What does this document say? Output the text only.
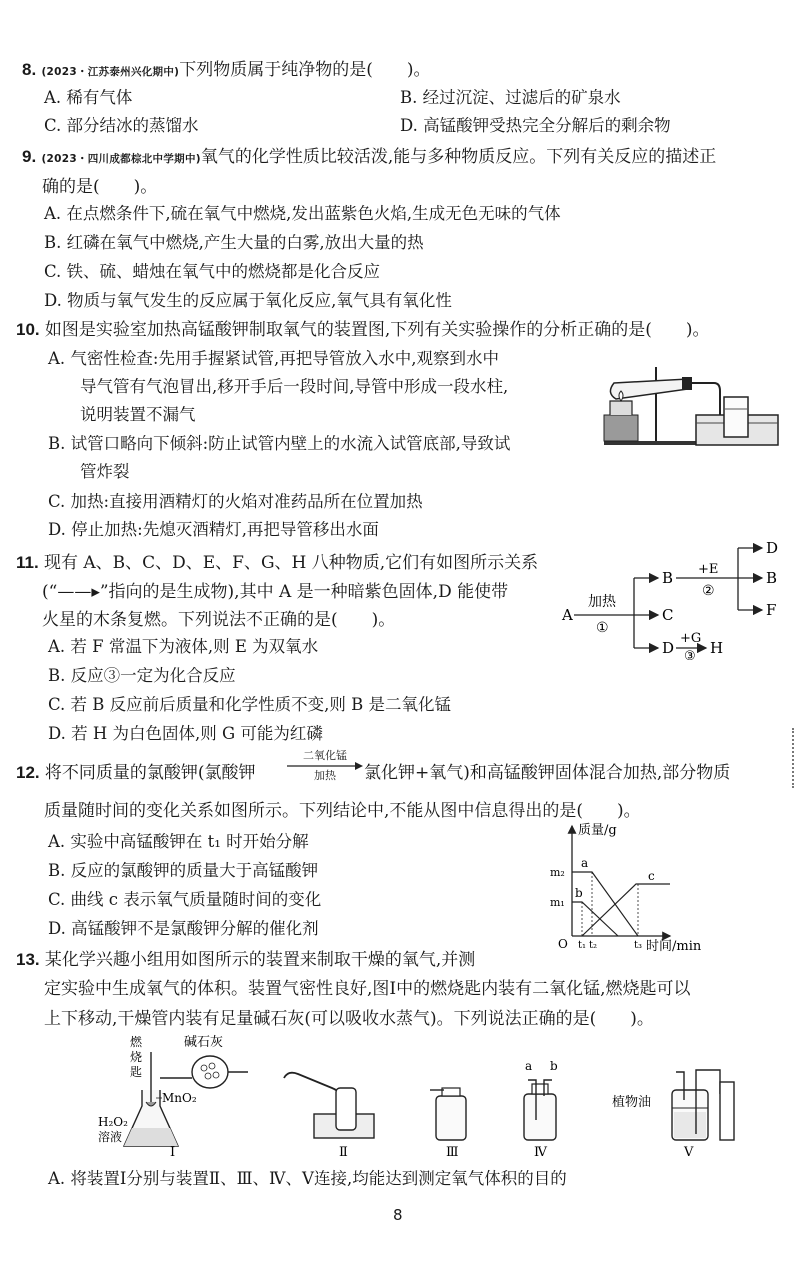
8. (2023・江苏泰州兴化期中)下列物质属于纯净物的是(　　)。
A. 稀有气体	B. 经过沉淀、过滤后的矿泉水
C. 部分结冰的蒸馏水	D. 高锰酸钾受热完全分解后的剩余物
9. (2023・四川成都棕北中学期中)氧气的化学性质比较活泼,能与多种物质反应。下列有关反应的描述正
确的是(　　)。
A. 在点燃条件下,硫在氧气中燃烧,发出蓝紫色火焰,生成无色无味的气体
B. 红磷在氧气中燃烧,产生大量的白雾,放出大量的热
C. 铁、硫、蜡烛在氧气中的燃烧都是化合反应
D. 物质与氧气发生的反应属于氧化反应,氧气具有氧化性
10. 如图是实验室加热高锰酸钾制取氧气的装置图,下列有关实验操作的分析正确的是(　　)。
A. 气密性检查:先用手握紧试管,再把导管放入水中,观察到水中
导气管有气泡冒出,移开手后一段时间,导管中形成一段水柱,
说明装置不漏气
B. 试管口略向下倾斜:防止试管内壁上的水流入试管底部,导致试
管炸裂
C. 加热:直接用酒精灯的火焰对准药品所在位置加热
D. 停止加热:先熄灭酒精灯,再把导管移出水面
11. 现有 A、B、C、D、E、F、G、H 八种物质,它们有如图所示关系
(“——▸”指向的是生成物),其中 A 是一种暗紫色固体,D 能使带
火星的木条复燃。下列说法不正确的是(　　)。
A. 若 F 常温下为液体,则 E 为双氧水
B. 反应③一定为化合反应
C. 若 B 反应前后质量和化学性质不变,则 B 是二氧化锰
D. 若 H 为白色固体,则 G 可能为红磷
A
加热
①
B
C
D
+E
②
D
B
F
+G
③ H
12. 将不同质量的氯酸钾(氯酸钾
二氧化锰
加热	氯化钾+氧气)和高锰酸钾固体混合加热,部分物质
质量随时间的变化关系如图所示。下列结论中,不能从图中信息得出的是(　　)。
A. 实验中高锰酸钾在 t₁ 时开始分解
B. 反应的氯酸钾的质量大于高锰酸钾
C. 曲线 c 表示氧气质量随时间的变化
D. 高锰酸钾不是氯酸钾分解的催化剂
质量/g
时间/min
O
m₂
m₁
a
b
c
t₁ t₂	t₃
13. 某化学兴趣小组用如图所示的装置来制取干燥的氧气,并测
定实验中生成氧气的体积。装置气密性良好,图Ⅰ中的燃烧匙内装有二氧化锰,燃烧匙可以
上下移动,干燥管内装有足量碱石灰(可以吸收水蒸气)。下列说法正确的是(　　)。
燃
烧
匙
碱石灰
MnO₂
H₂O₂
溶液
Ⅰ	Ⅱ	Ⅲ
a b
Ⅳ
植物油
Ⅴ
A. 将装置Ⅰ分别与装置Ⅱ、Ⅲ、Ⅳ、Ⅴ连接,均能达到测定氧气体积的目的
8
